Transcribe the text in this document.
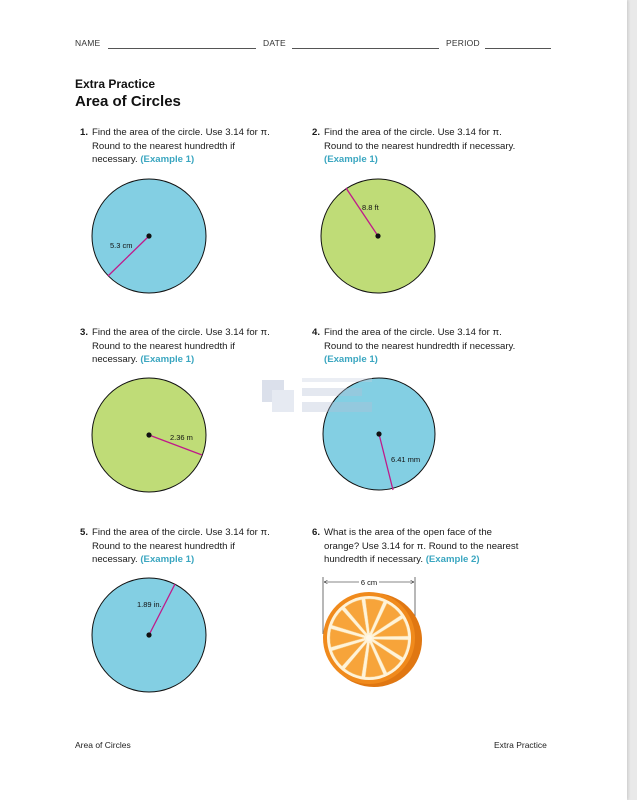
NAME	DATE	PERIOD
Extra Practice
Area of Circles
1. Find the area of the circle. Use 3.14 for π.
Round to the nearest hundredth if
necessary. (Example 1)
5.3 cm
2. Find the area of the circle. Use 3.14 for π.
Round to the nearest hundredth if necessary.
(Example 1)
8.8 ft
3. Find the area of the circle. Use 3.14 for π.
Round to the nearest hundredth if
necessary. (Example 1)
2.36 m
4. Find the area of the circle. Use 3.14 for π.
Round to the nearest hundredth if necessary.
(Example 1)
6.41 mm
5. Find the area of the circle. Use 3.14 for π.
Round to the nearest hundredth if
necessary. (Example 1)
1.89 in.
6. What is the area of the open face of the
orange? Use 3.14 for π. Round to the nearest
hundredth if necessary. (Example 2)
6 cm
Area of Circles	Extra Practice
